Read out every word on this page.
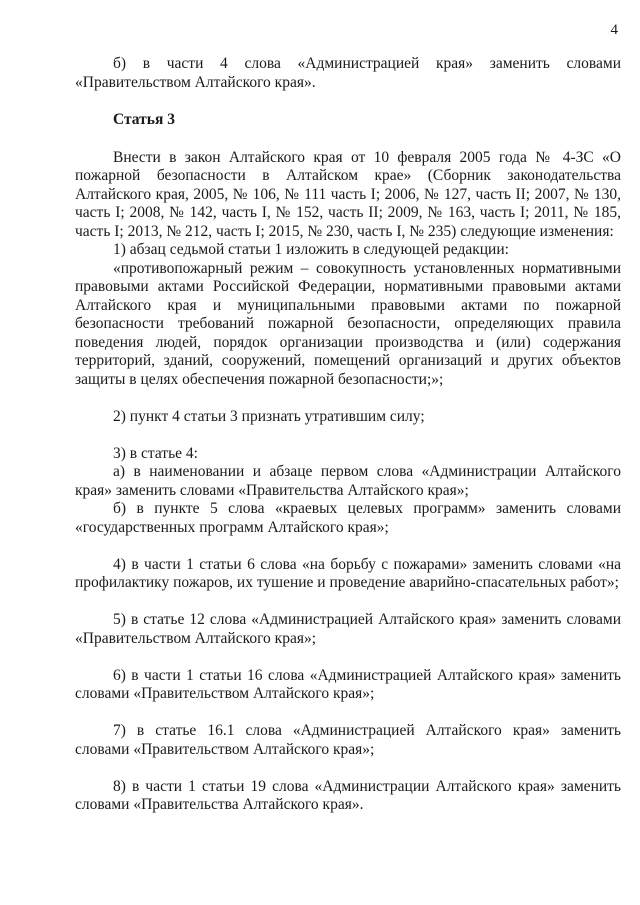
4

б) в части 4 слова «Администрацией края» заменить словами «Правительством Алтайского края».

Статья 3

Внести в закон Алтайского края от 10 февраля 2005 года № 4-ЗС «О пожарной безопасности в Алтайском крае» (Сборник законодательства Алтайского края, 2005, № 106, № 111 часть I; 2006, № 127, часть II; 2007, № 130, часть I; 2008, № 142, часть I, № 152, часть II; 2009, № 163, часть I; 2011, № 185, часть I; 2013, № 212, часть I; 2015, № 230, часть I, № 235) следующие изменения:

1) абзац седьмой статьи 1 изложить в следующей редакции:

«противопожарный режим – совокупность установленных нормативными правовыми актами Российской Федерации, нормативными правовыми актами Алтайского края и муниципальными правовыми актами по пожарной безопасности требований пожарной безопасности, определяющих правила поведения людей, порядок организации производства и (или) содержания территорий, зданий, сооружений, помещений организаций и других объектов защиты в целях обеспечения пожарной безопасности;»;

2) пункт 4 статьи 3 признать утратившим силу;

3) в статье 4:

а) в наименовании и абзаце первом слова «Администрации Алтайского края» заменить словами «Правительства Алтайского края»;

б) в пункте 5 слова «краевых целевых программ» заменить словами «государственных программ Алтайского края»;

4) в части 1 статьи 6 слова «на борьбу с пожарами» заменить словами «на профилактику пожаров, их тушение и проведение аварийно-спасательных работ»;

5) в статье 12 слова «Администрацией Алтайского края» заменить словами «Правительством Алтайского края»;

6) в части 1 статьи 16 слова «Администрацией Алтайского края» заменить словами «Правительством Алтайского края»;

7) в статье 16.1 слова «Администрацией Алтайского края» заменить словами «Правительством Алтайского края»;

8) в части 1 статьи 19 слова «Администрации Алтайского края» заменить словами «Правительства Алтайского края».
